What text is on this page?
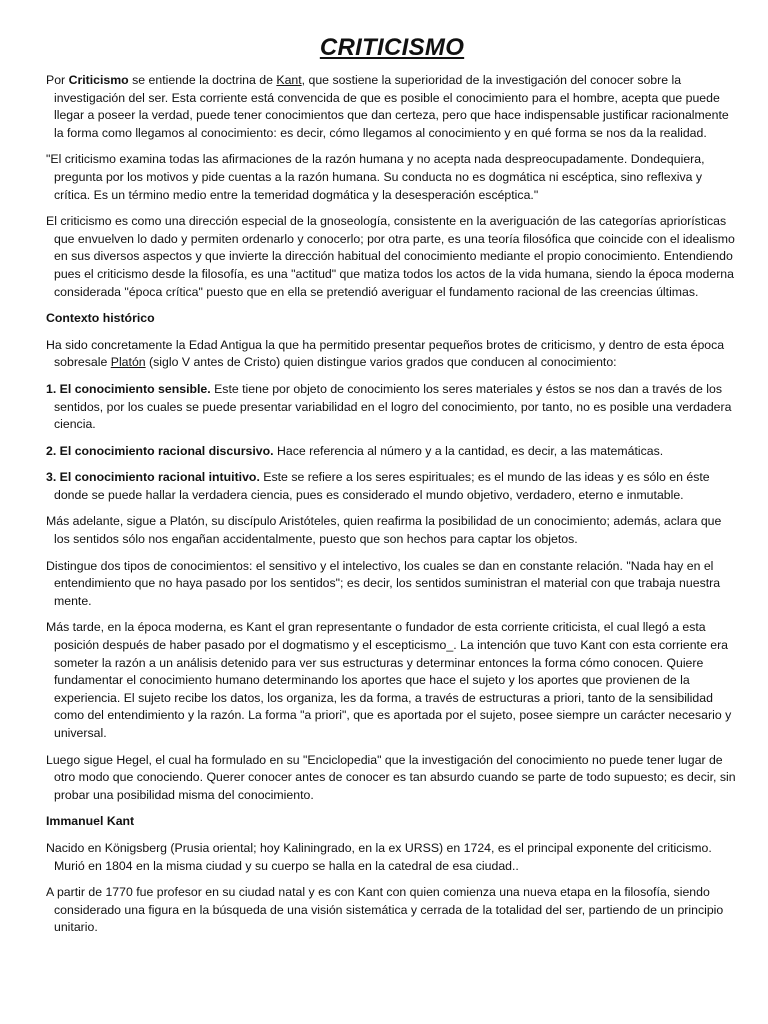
CRITICISMO

Por Criticismo se entiende la doctrina de Kant, que sostiene la superioridad de la investigación del conocer sobre la investigación del ser. Esta corriente está convencida de que es posible el conocimiento para el hombre, acepta que puede llegar a poseer la verdad, puede tener conocimientos que dan certeza, pero que hace indispensable justificar racionalmente la forma como llegamos al conocimiento: es decir, cómo llegamos al conocimiento y en qué forma se nos da la realidad.

"El criticismo examina todas las afirmaciones de la razón humana y no acepta nada despreocupadamente. Dondequiera, pregunta por los motivos y pide cuentas a la razón humana. Su conducta no es dogmática ni escéptica, sino reflexiva y crítica. Es un término medio entre la temeridad dogmática y la desesperación escéptica."

El criticismo es como una dirección especial de la gnoseología, consistente en la averiguación de las categorías apriorísticas que envuelven lo dado y permiten ordenarlo y conocerlo; por otra parte, es una teoría filosófica que coincide con el idealismo en sus diversos aspectos y que invierte la dirección habitual del conocimiento mediante el propio conocimiento. Entendiendo pues el criticismo desde la filosofía, es una "actitud" que matiza todos los actos de la vida humana, siendo la época moderna considerada "época crítica" puesto que en ella se pretendió averiguar el fundamento racional de las creencias últimas.

Contexto histórico

Ha sido concretamente la Edad Antigua la que ha permitido presentar pequeños brotes de criticismo, y dentro de esta época sobresale Platón (siglo V antes de Cristo) quien distingue varios grados que conducen al conocimiento:

1. El conocimiento sensible. Este tiene por objeto de conocimiento los seres materiales y éstos se nos dan a través de los sentidos, por los cuales se puede presentar variabilidad en el logro del conocimiento, por tanto, no es posible una verdadera ciencia.

2. El conocimiento racional discursivo. Hace referencia al número y a la cantidad, es decir, a las matemáticas.

3. El conocimiento racional intuitivo. Este se refiere a los seres espirituales; es el mundo de las ideas y es sólo en éste donde se puede hallar la verdadera ciencia, pues es considerado el mundo objetivo, verdadero, eterno e inmutable.

Más adelante, sigue a Platón, su discípulo Aristóteles, quien reafirma la posibilidad de un conocimiento; además, aclara que los sentidos sólo nos engañan accidentalmente, puesto que son hechos para captar los objetos.

Distingue dos tipos de conocimientos: el sensitivo y el intelectivo, los cuales se dan en constante relación. "Nada hay en el entendimiento que no haya pasado por los sentidos"; es decir, los sentidos suministran el material con que trabaja nuestra mente.

Más tarde, en la época moderna, es Kant el gran representante o fundador de esta corriente criticista, el cual llegó a esta posición después de haber pasado por el dogmatismo y el escepticismo_. La intención que tuvo Kant con esta corriente era someter la razón a un análisis detenido para ver sus estructuras y determinar entonces la forma cómo conocen. Quiere fundamentar el conocimiento humano determinando los aportes que hace el sujeto y los aportes que provienen de la experiencia. El sujeto recibe los datos, los organiza, les da forma, a través de estructuras a priori, tanto de la sensibilidad como del entendimiento y la razón. La forma "a priori", que es aportada por el sujeto, posee siempre un carácter necesario y universal.

Luego sigue Hegel, el cual ha formulado en su "Enciclopedia" que la investigación del conocimiento no puede tener lugar de otro modo que conociendo. Querer conocer antes de conocer es tan absurdo cuando se parte de todo supuesto; es decir, sin probar una posibilidad misma del conocimiento.

Immanuel Kant

Nacido en Königsberg (Prusia oriental; hoy Kaliningrado, en la ex URSS) en 1724, es el principal exponente del criticismo. Murió en 1804 en la misma ciudad y su cuerpo se halla en la catedral de esa ciudad..

A partir de 1770 fue profesor en su ciudad natal y es con Kant con quien comienza una nueva etapa en la filosofía, siendo considerado una figura en la búsqueda de una visión sistemática y cerrada de la totalidad del ser, partiendo de un principio unitario.
